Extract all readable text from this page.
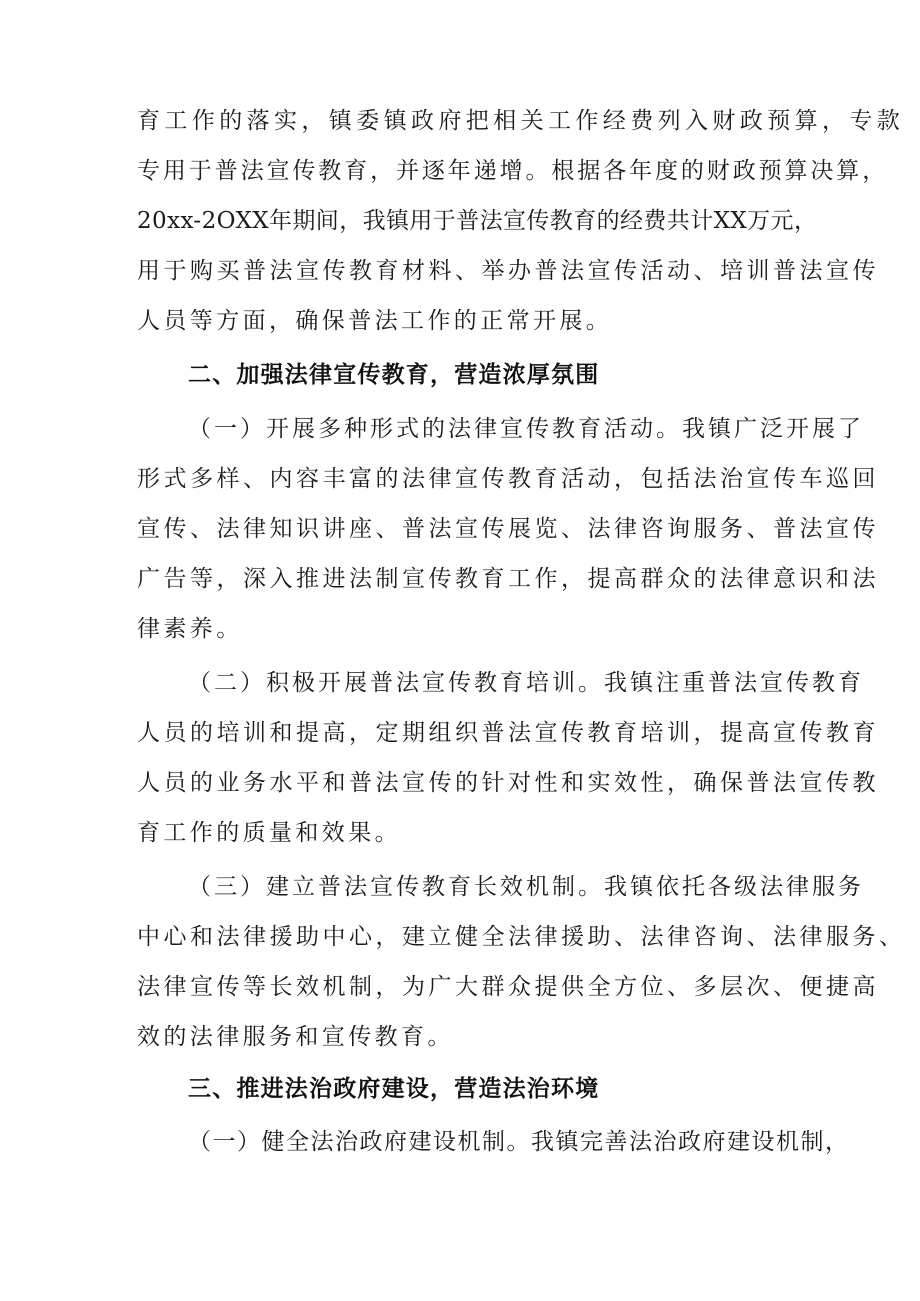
育工作的落实，镇委镇政府把相关工作经费列入财政预算，专款
专用于普法宣传教育，并逐年递增。根据各年度的财政预算决算，
20xx-2OXX年期间，我镇用于普法宣传教育的经费共计XX万元，
用于购买普法宣传教育材料、举办普法宣传活动、培训普法宣传
人员等方面，确保普法工作的正常开展。
二、加强法律宣传教育，营造浓厚氛围
（一）开展多种形式的法律宣传教育活动。我镇广泛开展了
形式多样、内容丰富的法律宣传教育活动，包括法治宣传车巡回
宣传、法律知识讲座、普法宣传展览、法律咨询服务、普法宣传
广告等，深入推进法制宣传教育工作，提高群众的法律意识和法
律素养。
（二）积极开展普法宣传教育培训。我镇注重普法宣传教育
人员的培训和提高，定期组织普法宣传教育培训，提高宣传教育
人员的业务水平和普法宣传的针对性和实效性，确保普法宣传教
育工作的质量和效果。
（三）建立普法宣传教育长效机制。我镇依托各级法律服务
中心和法律援助中心，建立健全法律援助、法律咨询、法律服务、
法律宣传等长效机制，为广大群众提供全方位、多层次、便捷高
效的法律服务和宣传教育。
三、推进法治政府建设，营造法治环境
（一）健全法治政府建设机制。我镇完善法治政府建设机制，
